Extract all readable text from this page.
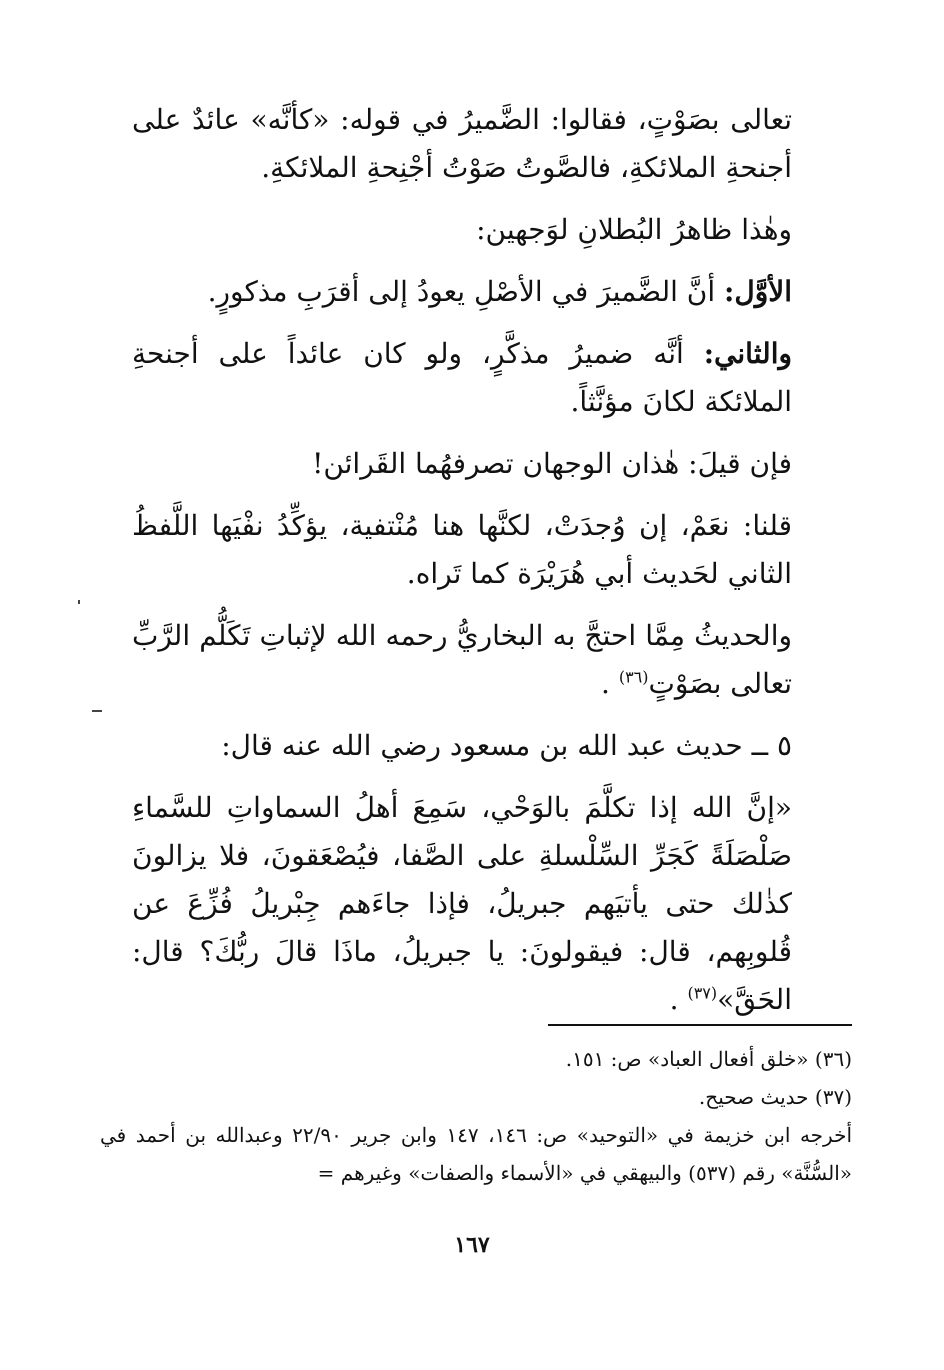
تعالى بصَوْتٍ، فقالوا: الضَّميرُ في قوله: «كأنَّه» عائدٌ على أجنحةِ الملائكةِ، فالصَّوتُ صَوْتُ أجْنِحةِ الملائكةِ.

وهٰذا ظاهرُ البُطلانِ لوَجهين:

الأوَّل: أنَّ الضَّميرَ في الأصْلِ يعودُ إلى أقرَبِ مذكورٍ.

والثاني: أنَّه ضميرُ مذكَّرٍ، ولو كان عائداً على أجنحةِ الملائكة لكانَ مؤنَّثاً.

فإن قيلَ: هٰذان الوجهان تصرفهُما القَرائن!

قلنا: نعَمْ، إن وُجدَتْ، لكنَّها هنا مُنْتفية، يؤكِّدُ نفْيَها اللَّفظُ الثاني لحَديث أبي هُرَيْرَة كما تَراه.

والحديثُ مِمَّا احتجَّ به البخاريُّ رحمه الله لإثباتِ تَكَلُّم الرَّبِّ تعالى بصَوْتٍ$^{(٣٦)}$ .

٥ ــ حديث عبد الله بن مسعود رضي الله عنه قال:

«إنَّ الله إذا تكلَّمَ بالوَحْي، سَمِعَ أهلُ السماواتِ للسَّماءِ صَلْصَلَةً كَجَرِّ السِّلْسلةِ على الصَّفا، فيُصْعَقونَ، فلا يزالونَ كذٰلك حتى يأتيَهم جبريلُ، فإذا جاءَهم جِبْريلُ فُزِّعَ عن قُلوبِهم، قال: فيقولونَ: يا جبريلُ، ماذَا قالَ ربُّكَ؟ قال: الحَقَّ»$^{(٣٧)}$ .

(٣٦) «خلق أفعال العباد» ص: ١٥١.

(٣٧) حديث صحيح.

أخرجه ابن خزيمة في «التوحيد» ص: ١٤٦، ١٤٧ وابن جرير ٢٢/٩٠ وعبدالله بن أحمد في «السُّنَّة» رقم (٥٣٧) والبيهقي في «الأسماء والصفات» وغيرهم =

١٦٧
